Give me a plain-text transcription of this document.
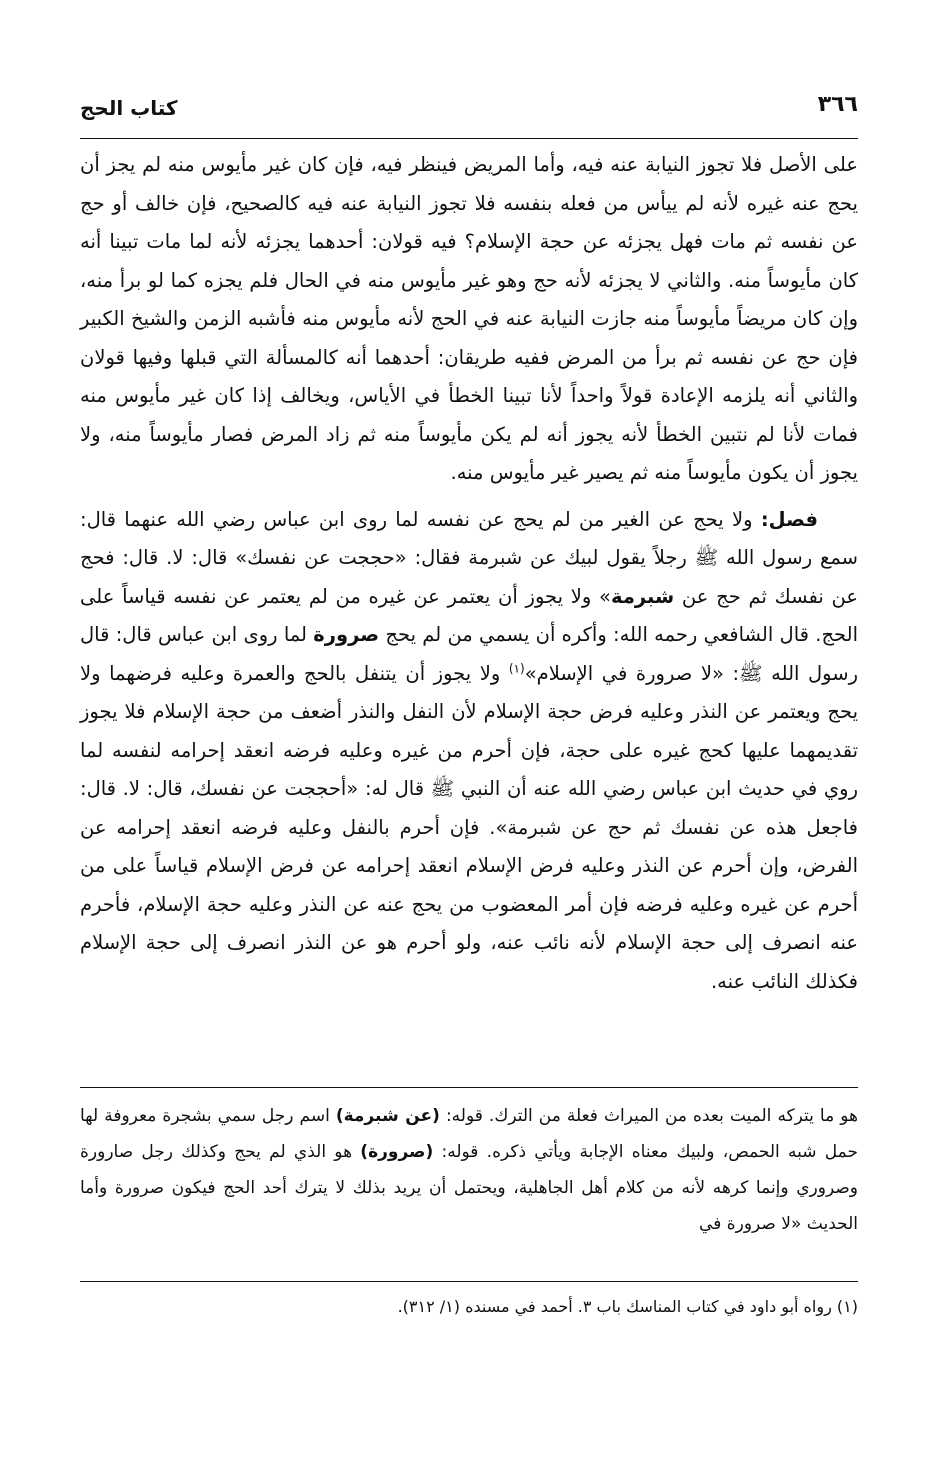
٣٦٦
كتاب الحج

على الأصل فلا تجوز النيابة عنه فيه، وأما المريض فينظر فيه، فإن كان غير مأيوس منه لم يجز أن يحج عنه غيره لأنه لم ييأس من فعله بنفسه فلا تجوز النيابة عنه فيه كالصحيح، فإن خالف أو حج عن نفسه ثم مات فهل يجزئه عن حجة الإسلام؟ فيه قولان: أحدهما يجزئه لأنه لما مات تبينا أنه كان مأيوساً منه. والثاني لا يجزئه لأنه حج وهو غير مأيوس منه في الحال فلم يجزه كما لو برأ منه، وإن كان مريضاً مأيوساً منه جازت النيابة عنه في الحج لأنه مأيوس منه فأشبه الزمن والشيخ الكبير فإن حج عن نفسه ثم برأ من المرض ففيه طريقان: أحدهما أنه كالمسألة التي قبلها وفيها قولان والثاني أنه يلزمه الإعادة قولاً واحداً لأنا تبينا الخطأ في الأياس، ويخالف إذا كان غير مأيوس منه فمات لأنا لم نتبين الخطأ لأنه يجوز أنه لم يكن مأيوساً منه ثم زاد المرض فصار مأيوساً منه، ولا يجوز أن يكون مأيوساً منه ثم يصير غير مأيوس منه.

فصل: ولا يحج عن الغير من لم يحج عن نفسه لما روى ابن عباس رضي الله عنهما قال: سمع رسول الله ﷺ رجلاً يقول لبيك عن شبرمة فقال: «حججت عن نفسك» قال: لا. قال: فحج عن نفسك ثم حج عن شبرمة» ولا يجوز أن يعتمر عن غيره من لم يعتمر عن نفسه قياساً على الحج. قال الشافعي رحمه الله: وأكره أن يسمي من لم يحج صرورة لما روى ابن عباس قال: قال رسول الله ﷺ: «لا صرورة في الإسلام»$^{(١)}$ ولا يجوز أن يتنفل بالحج والعمرة وعليه فرضهما ولا يحج ويعتمر عن النذر وعليه فرض حجة الإسلام لأن النفل والنذر أضعف من حجة الإسلام فلا يجوز تقديمهما عليها كحج غيره على حجة، فإن أحرم من غيره وعليه فرضه انعقد إحرامه لنفسه لما روي في حديث ابن عباس رضي الله عنه أن النبي ﷺ قال له: «أحججت عن نفسك، قال: لا. قال: فاجعل هذه عن نفسك ثم حج عن شبرمة». فإن أحرم بالنفل وعليه فرضه انعقد إحرامه عن الفرض، وإن أحرم عن النذر وعليه فرض الإسلام انعقد إحرامه عن فرض الإسلام قياساً على من أحرم عن غيره وعليه فرضه فإن أمر المعضوب من يحج عنه عن النذر وعليه حجة الإسلام، فأحرم عنه انصرف إلى حجة الإسلام لأنه نائب عنه، ولو أحرم هو عن النذر انصرف إلى حجة الإسلام فكذلك النائب عنه.

هو ما يتركه الميت بعده من الميراث فعلة من الترك. قوله: (عن شبرمة) اسم رجل سمي بشجرة معروفة لها حمل شبه الحمص، ولبيك معناه الإجابة ويأتي ذكره. قوله: (صرورة) هو الذي لم يحج وكذلك رجل صارورة وصروري وإنما كرهه لأنه من كلام أهل الجاهلية، ويحتمل أن يريد بذلك لا يترك أحد الحج فيكون صرورة وأما الحديث «لا صرورة في

(١) رواه أبو داود في كتاب المناسك باب ٣. أحمد في مسنده (١/ ٣١٢).
